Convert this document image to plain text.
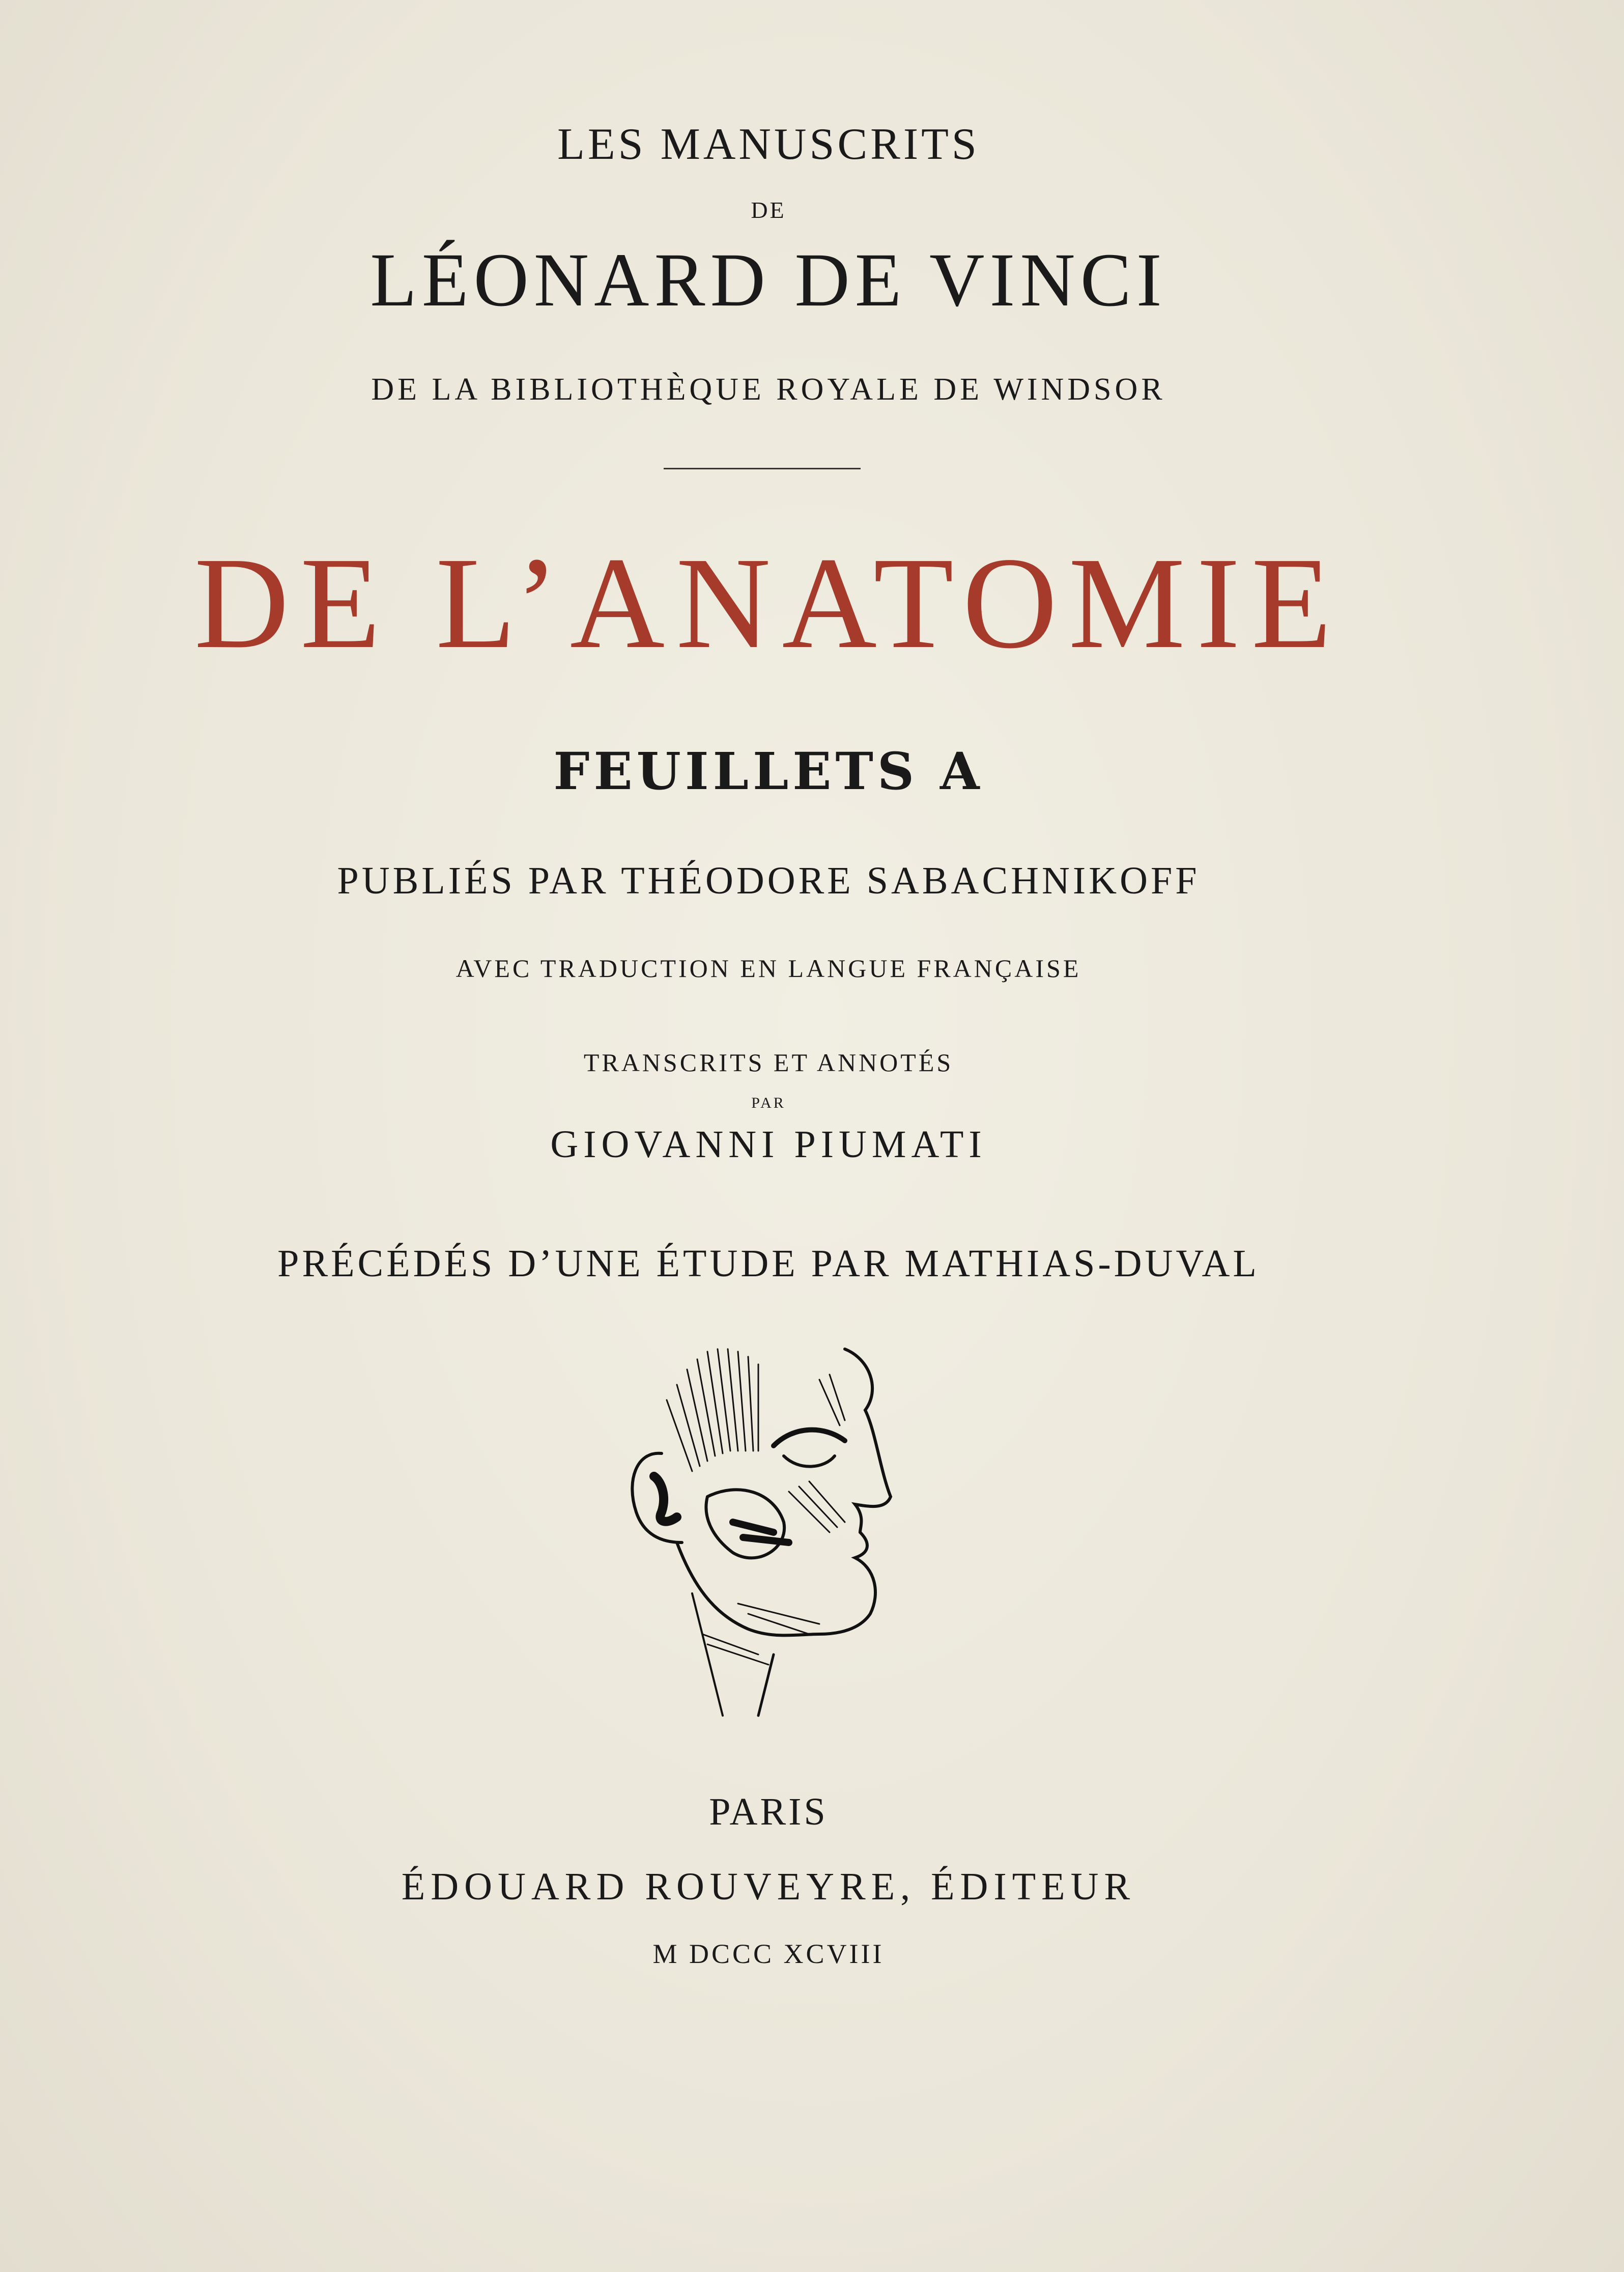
LES MANUSCRITS
DE
LÉONARD DE VINCI
DE LA BIBLIOTHÈQUE ROYALE DE WINDSOR
DE L’ANATOMIE
FEUILLETS A
PUBLIÉS PAR THÉODORE SABACHNIKOFF
AVEC TRADUCTION EN LANGUE FRANÇAISE
TRANSCRITS ET ANNOTÉS
PAR
GIOVANNI PIUMATI
PRÉCÉDÉS D’UNE ÉTUDE PAR MATHIAS-DUVAL
PARIS
ÉDOUARD ROUVEYRE, ÉDITEUR
M DCCC XCVIII
